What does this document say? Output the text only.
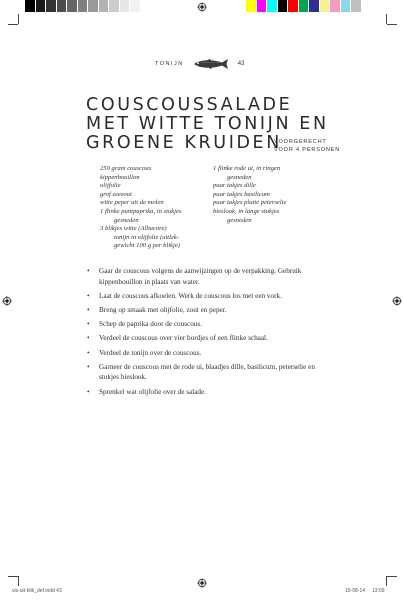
TONIJN	43
COUSCOUSSALADE
MET WITTE TONIJN EN
GROENE KRUIDEN
VOORGERECHT
VOOR 4 PERSONEN
250 gram couscous
kippenbouillon
olijfolie
grof zeezout
witte peper uit de molen
1 flinke puntpaprika, in stukjes
gesneden
3 blikjes witte (Albacore)
tonijn in olijfolie (uitlek-
gewicht 100 g per blikje)
1 flinke rode ui, in ringen
gesneden
paar takjes dille
paar takjes basilicum
paar takjes platte peterselie
bieslook, in lange stukjes
gesneden
• Gaar de couscous volgens de aanwijzingen op de verpakking. Gebruik kippenbouillon in plaats van water.
• Laat de couscous afkoelen. Werk de couscous los met een vork.
• Breng op smaak met olijfolie, zout en peper.
• Schep de paprika door de couscous.
• Verdeel de couscous over vier bordjes of een flinke schaal.
• Verdeel de tonijn over de couscous.
• Garneer de couscous met de rode ui, blaadjes dille, basilicum, peterselie en stukjes bieslook.
• Sprenkel wat olijfolie over de salade.
vis-uit-blik_def.indd 43	15-08-14 13:09
